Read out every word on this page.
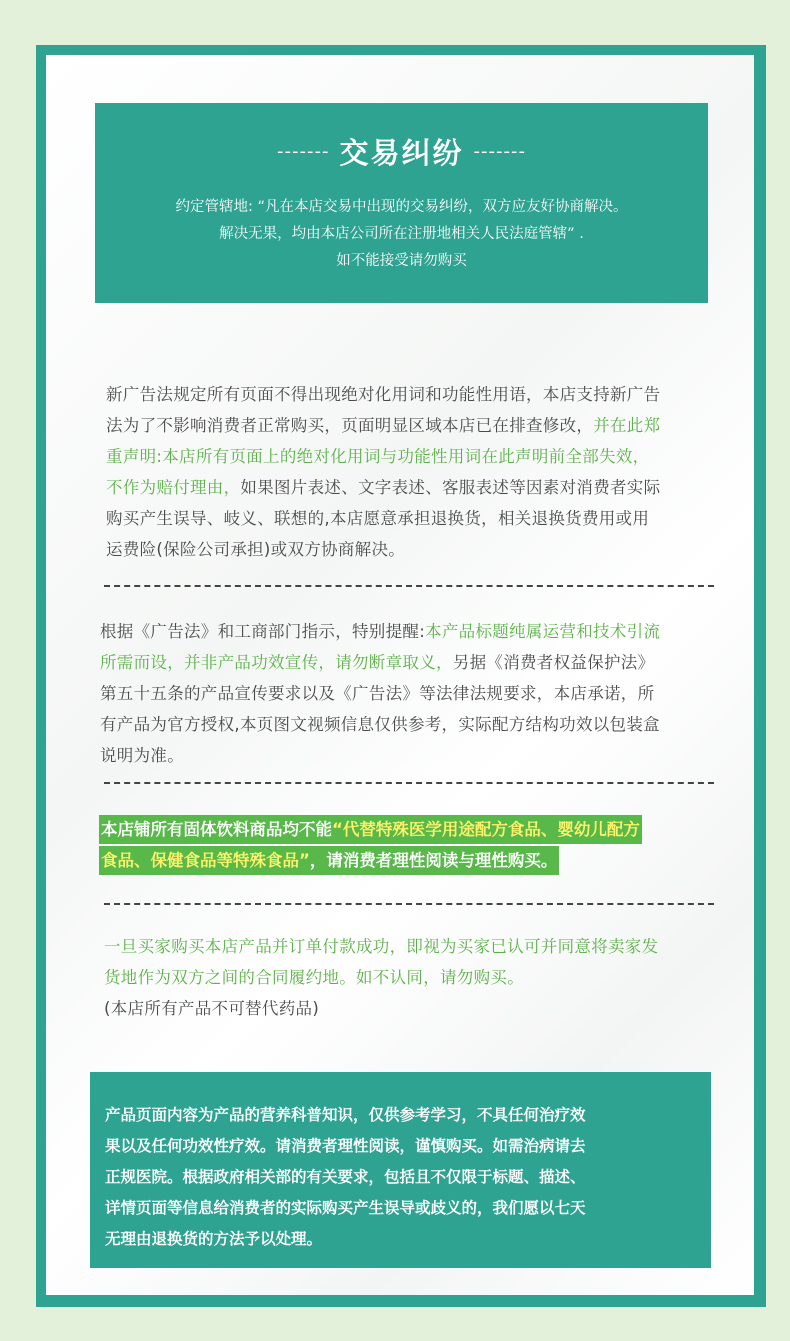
------- 交易纠纷 -------
约定管辖地: “凡在本店交易中出现的交易纠纷，双方应友好协商解决。
解决无果，均由本店公司所在注册地相关人民法庭管辖” .
如不能接受请勿购买
新广告法规定所有页面不得出现绝对化用词和功能性用语，本店支持新广告
法为了不影响消费者正常购买，页面明显区域本店已在排查修改，并在此郑
重声明:本店所有页面上的绝对化用词与功能性用词在此声明前全部失效，
不作为赔付理由，如果图片表述、文字表述、客服表述等因素对消费者实际
购买产生误导、岐义、联想的,本店愿意承担退换货，相关退换货费用或用
运费险(保险公司承担)或双方协商解决。
根据《广告法》和工商部门指示，特别提醒:本产品标题纯属运营和技术引流
所需而设，并非产品功效宣传，请勿断章取义，另据《消费者权益保护法》
第五十五条的产品宣传要求以及《广告法》等法律法规要求，本店承诺，所
有产品为官方授权,本页图文视频信息仅供参考，实际配方结构功效以包装盒
说明为准。
本店铺所有固体饮料商品均不能“代替特殊医学用途配方食品、婴幼儿配方
食品、保健食品等特殊食品”，请消费者理性阅读与理性购买。
一旦买家购买本店产品并订单付款成功，即视为买家已认可并同意将卖家发
货地作为双方之间的合同履约地。如不认同，请勿购买。
(本店所有产品不可替代药品)
产品页面内容为产品的营养科普知识，仅供参考学习，不具任何治疗效
果以及任何功效性疗效。请消费者理性阅读，谨慎购买。如需治病请去
正规医院。根据政府相关部的有关要求，包括且不仅限于标题、描述、
详情页面等信息给消费者的实际购买产生误导或歧义的，我们愿以七天
无理由退换货的方法予以处理。
